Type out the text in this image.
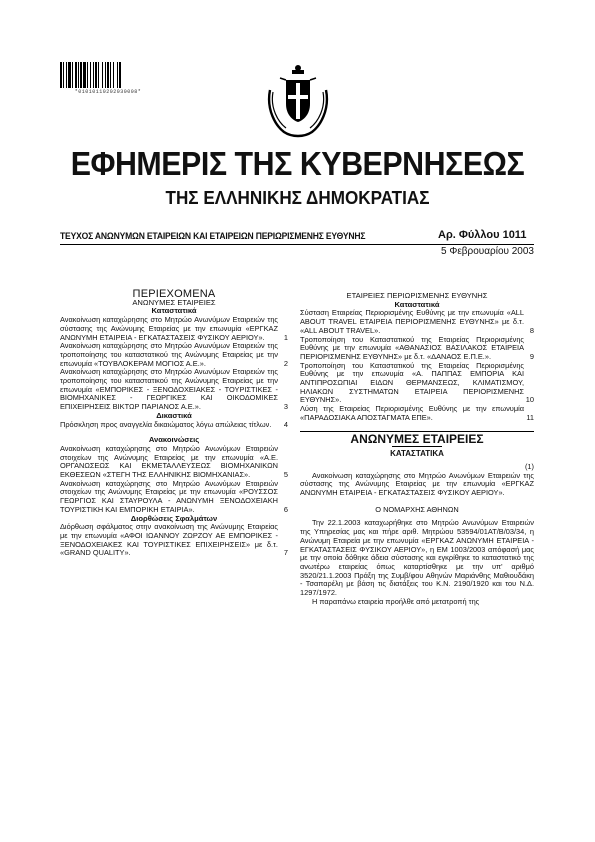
*01010110202030008*
ΕΦΗΜΕΡΙΣ ΤΗΣ ΚΥΒΕΡΝΗΣΕΩΣ
ΤΗΣ ΕΛΛΗΝΙΚΗΣ ΔΗΜΟΚΡΑΤΙΑΣ
ΤΕΥΧΟΣ ΑΝΩΝΥΜΩΝ ΕΤΑΙΡΕΙΩΝ ΚΑΙ ΕΤΑΙΡΕΙΩΝ ΠΕΡΙΩΡΙΣΜΕΝΗΣ ΕΥΘΥΝΗΣ	Αρ. Φύλλου 1011
5 Φεβρουαρίου 2003

ΠΕΡΙΕΧΟΜΕΝΑ

ΑΝΩΝΥΜΕΣ ΕΤΑΙΡΕΙΕΣ

Καταστατικά

Ανακοίνωση καταχώρησης στο Μητρώο Ανωνύμων Εταιρειών της σύστασης της Ανώνυμης Εταιρείας με την επωνυμία «ΕΡΓΚΑΖ ΑΝΩΝΥΜΗ ΕΤΑΙΡΕΙΑ - ΕΓΚΑΤΑΣΤΑΣΕΙΣ ΦΥΣΙΚΟΥ ΑΕΡΙΟΥ».	1
Ανακοίνωση καταχώρησης στο Μητρώο Ανωνύμων Εταιρειών της τροποποίησης του καταστατικού της Ανώνυμης Εταιρείας με την επωνυμία «ΤΟΥΒΛΟΚΕΡΑΜ ΜΟΓΙΟΣ Α.Ε.».	2
Ανακοίνωση καταχώρησης στο Μητρώο Ανωνύμων Εταιρειών της τροποποίησης του καταστατικού της Ανώνυμης Εταιρείας με την επωνυμία «ΕΜΠΟΡΙΚΕΣ - ΞΕΝΟΔΟΧΕΙΑΚΕΣ - ΤΟΥΡΙΣΤΙΚΕΣ - ΒΙΟΜΗΧΑΝΙΚΕΣ - ΓΕΩΡΓΙΚΕΣ ΚΑΙ ΟΙΚΟΔΟΜΙΚΕΣ ΕΠΙΧΕΙΡΗΣΕΙΣ ΒΙΚΤΩΡ ΠΑΡΙΑΝΟΣ Α.Ε.».	3

Δικαστικά

Πρόσκληση προς αναγγελία δικαιώματος λόγω απώλειας τίτλων. 4

Ανακοινώσεις

Ανακοίνωση καταχώρησης στο Μητρώο Ανωνύμων Εταιρειών στοιχείων της Ανώνυμης Εταιρείας με την επωνυμία «Α.Ε. ΟΡΓΑΝΩΣΕΩΣ ΚΑΙ ΕΚΜΕΤΑΛΛΕΥΣΕΩΣ ΒΙΟΜΗΧΑΝΙΚΩΝ ΕΚΘΕΣΕΩΝ «ΣΤΕΓΗ ΤΗΣ ΕΛΛΗΝΙΚΗΣ ΒΙΟΜΗΧΑΝΙΑΣ».	5
Ανακοίνωση καταχώρησης στο Μητρώο Ανωνύμων Εταιρειών στοιχείων της Ανώνυμης Εταιρείας με την επωνυμία «ΡΟΥΣΣΟΣ ΓΕΩΡΓΙΟΣ ΚΑΙ ΣΤΑΥΡΟΥΛΑ - ΑΝΩΝΥΜΗ ΞΕΝΟΔΟΧΕΙΑΚΗ ΤΟΥΡΙΣΤΙΚΗ ΚΑΙ ΕΜΠΟΡΙΚΗ ΕΤΑΙΡΙΑ».	6

Διορθώσεις Σφαλμάτων

Διόρθωση σφάλματος στην ανακοίνωση της Ανώνυμης Εταιρείας με την επωνυμία «ΑΦΟΙ ΙΩΑΝΝΟΥ ΖΩΡΖΟΥ ΑΕ ΕΜΠΟΡΙΚΕΣ - ΞΕΝΟΔΟΧΕΙΑΚΕΣ ΚΑΙ ΤΟΥΡΙΣΤΙΚΕΣ ΕΠΙΧΕΙΡΗΣΕΙΣ» με δ.τ. «GRAND QUALITY».	7

ΕΤΑΙΡΕΙΕΣ ΠΕΡΙΩΡΙΣΜΕΝΗΣ ΕΥΘΥΝΗΣ

Καταστατικά

Σύσταση Εταιρείας Περιορισμένης Ευθύνης με την επωνυμία «ALL ABOUT TRAVEL ΕΤΑΙΡΕΙΑ ΠΕΡΙΟΡΙΣΜΕΝΗΣ ΕΥΘΥΝΗΣ» με δ.τ. «ALL ABOUT TRAVEL».	8
Τροποποίηση του Καταστατικού της Εταιρείας Περιορισμένης Ευθύνης με την επωνυμία «ΑΘΑΝΑΣΙΟΣ ΒΑΣΙΛΑΚΟΣ ΕΤΑΙΡΕΙΑ ΠΕΡΙΟΡΙΣΜΕΝΗΣ ΕΥΘΥΝΗΣ» με δ.τ. «ΔΑΝΑΟΣ Ε.Π.Ε.».	9
Τροποποίηση του Καταστατικού της Εταιρείας Περιορισμένης Ευθύνης με την επωνυμία «Α. ΠΑΠΠΑΣ ΕΜΠΟΡΙΑ ΚΑΙ ΑΝΤΙΠΡΟΣΩΠΙΑΙ ΕΙΔΩΝ ΘΕΡΜΑΝΣΕΩΣ, ΚΛΙΜΑΤΙΣΜΟΥ, ΗΛΙΑΚΩΝ ΣΥΣΤΗΜΑΤΩΝ ΕΤΑΙΡΕΙΑ ΠΕΡΙΟΡΙΣΜΕΝΗΣ ΕΥΘΥΝΗΣ».	10
Λύση της Εταιρείας Περιορισμένης Ευθύνης με την επωνυμία «ΠΑΡΑΔΟΣΙΑΚΑ ΑΠΟΣΤΑΓΜΑΤΑ ΕΠΕ».	11

ΑΝΩΝΥΜΕΣ ΕΤΑΙΡΕΙΕΣ

ΚΑΤΑΣΤΑΤΙΚΑ

(1)

Ανακοίνωση καταχώρησης στο Μητρώο Ανωνύμων Εταιρειών της σύστασης της Ανώνυμης Εταιρείας με την επωνυμία «ΕΡΓΚΑΖ ΑΝΩΝΥΜΗ ΕΤΑΙΡΕΙΑ - ΕΓΚΑΤΑΣΤΑΣΕΙΣ ΦΥΣΙΚΟΥ ΑΕΡΙΟΥ».

Ο ΝΟΜΑΡΧΗΣ ΑΘΗΝΩΝ

Την 22.1.2003 καταχωρήθηκε στο Μητρώο Ανωνύμων Εταιρειών της Υπηρεσίας μας και πήρε αριθ. Μητρώου 53594/01AT/B/03/34, η Ανώνυμη Εταιρεία με την επωνυμία «ΕΡΓΚΑΖ ΑΝΩΝΥΜΗ ΕΤΑΙΡΕΙΑ - ΕΓΚΑΤΑΣΤΑΣΕΙΣ ΦΥΣΙΚΟΥ ΑΕΡΙΟΥ», η ΕΜ 1003/2003 απόφασή μας με την οποία δόθηκε άδεια σύστασης και εγκρίθηκε το καταστατικό της ανωτέρω εταιρείας όπως καταρτίσθηκε με την υπ' αριθμό 3520/21.1.2003 Πράξη της Συμβ/φου Αθηνών Μαριάνθης Μαθιουδάκη - Τσαπαρέλη με βάση τις διατάξεις του Κ.Ν. 2190/1920 και του Ν.Δ. 1297/1972.

Η παραπάνω εταιρεία προήλθε από μετατροπή της
